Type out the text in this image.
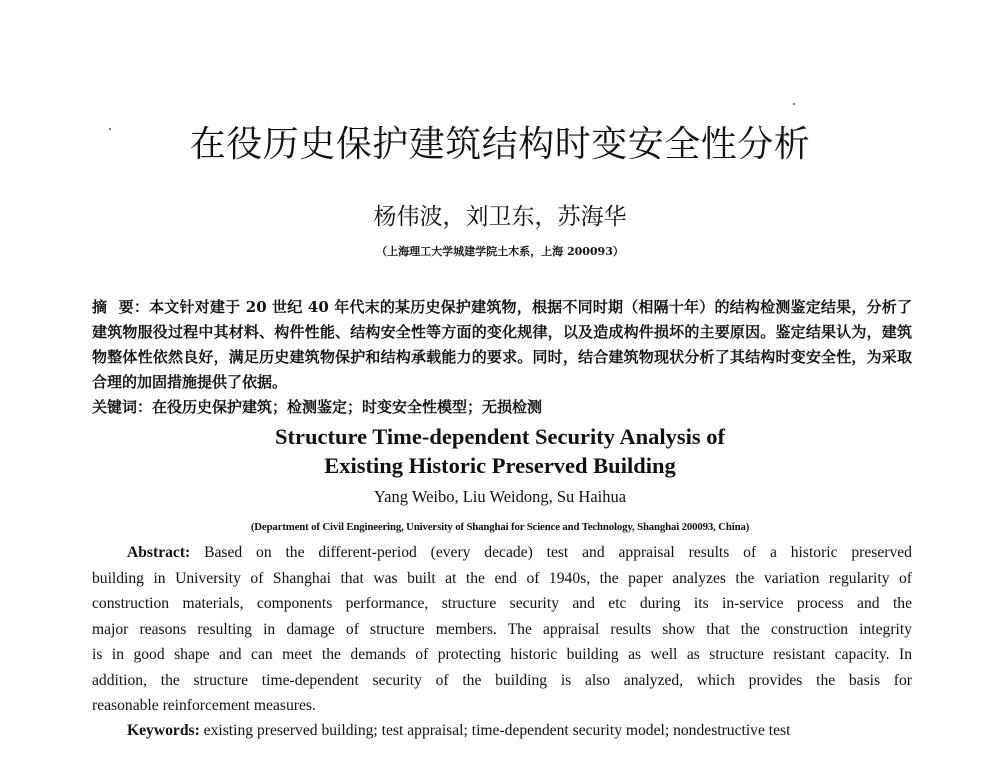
在役历史保护建筑结构时变安全性分析
杨伟波，刘卫东，苏海华
（上海理工大学城建学院土木系，上海 200093）
摘 要：本文针对建于 20 世纪 40 年代末的某历史保护建筑物，根据不同时期（相隔十年）的结构检测鉴定结果，分析了
建筑物服役过程中其材料、构件性能、结构安全性等方面的变化规律，以及造成构件损坏的主要原因。鉴定结果认为，建筑
物整体性依然良好，满足历史建筑物保护和结构承载能力的要求。同时，结合建筑物现状分析了其结构时变安全性，为采取
合理的加固措施提供了依据。
关键词：在役历史保护建筑；检测鉴定；时变安全性模型；无损检测
Structure Time-dependent Security Analysis of
Existing Historic Preserved Building
Yang Weibo, Liu Weidong, Su Haihua
(Department of Civil Engineering, University of Shanghai for Science and Technology, Shanghai 200093, China)
Abstract: Based on the different-period (every decade) test and appraisal results of a historic preserved
building in University of Shanghai that was built at the end of 1940s, the paper analyzes the variation regularity of
construction materials, components performance, structure security and etc during its in-service process and the
major reasons resulting in damage of structure members. The appraisal results show that the construction integrity
is in good shape and can meet the demands of protecting historic building as well as structure resistant capacity. In
addition, the structure time-dependent security of the building is also analyzed, which provides the basis for
reasonable reinforcement measures.
Keywords: existing preserved building; test appraisal; time-dependent security model; nondestructive test
